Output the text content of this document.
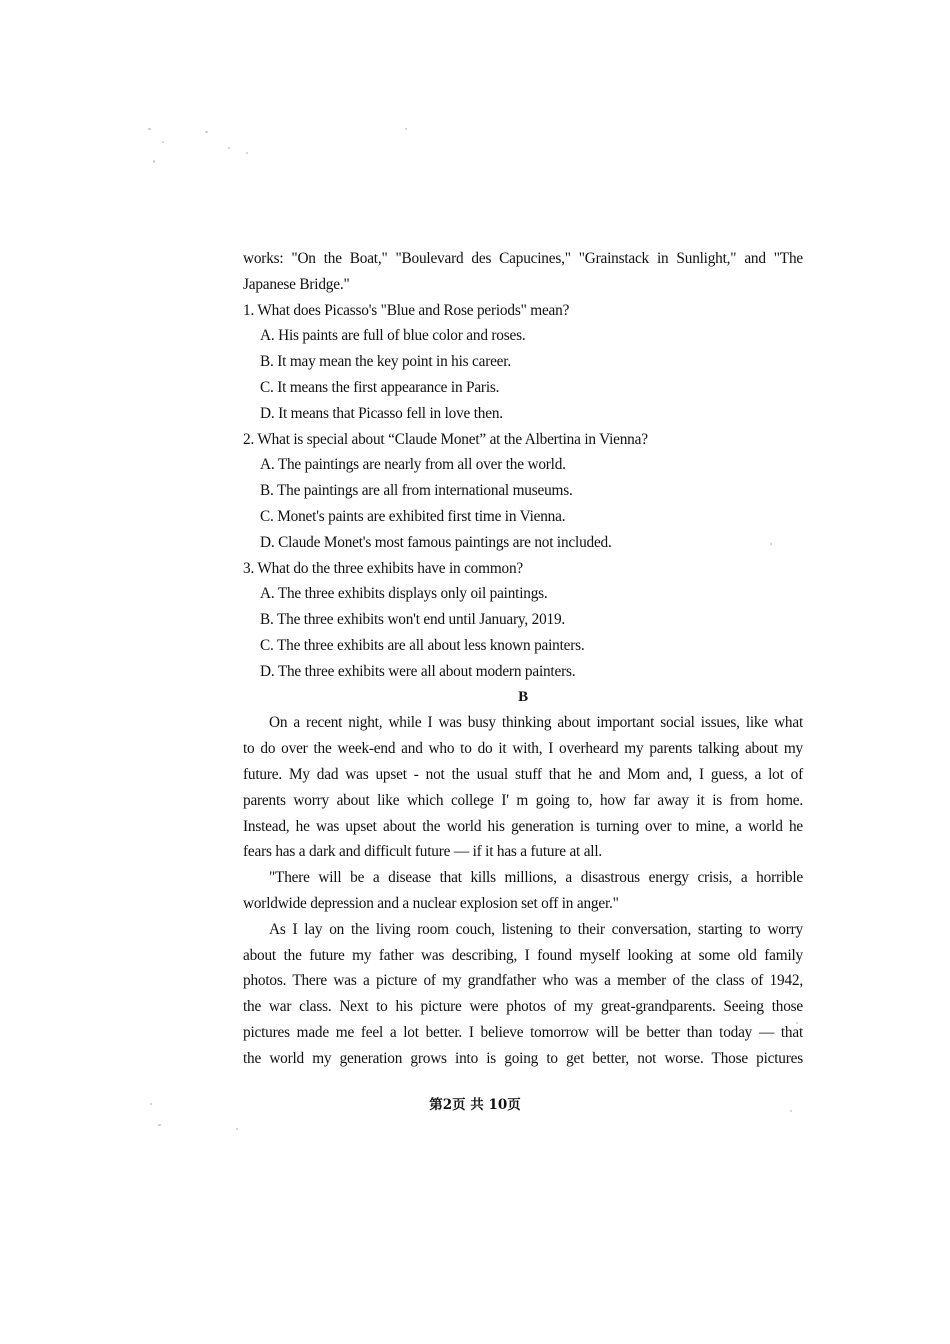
works: "On the Boat," "Boulevard des Capucines," "Grainstack in Sunlight," and "The
Japanese Bridge."
1. What does Picasso's "Blue and Rose periods" mean?
A. His paints are full of blue color and roses.
B. It may mean the key point in his career.
C. It means the first appearance in Paris.
D. It means that Picasso fell in love then.
2. What is special about “Claude Monet” at the Albertina in Vienna?
A. The paintings are nearly from all over the world.
B. The paintings are all from international museums.
C. Monet's paints are exhibited first time in Vienna.
D. Claude Monet's most famous paintings are not included.
3. What do the three exhibits have in common?
A. The three exhibits displays only oil paintings.
B. The three exhibits won't end until January, 2019.
C. The three exhibits are all about less known painters.
D. The three exhibits were all about modern painters.
B
On a recent night, while I was busy thinking about important social issues, like what
to do over the week-end and who to do it with, I overheard my parents talking about my
future. My dad was upset - not the usual stuff that he and Mom and, I guess, a lot of
parents worry about like which college I' m going to, how far away it is from home.
Instead, he was upset about the world his generation is turning over to mine, a world he
fears has a dark and difficult future — if it has a future at all.
"There will be a disease that kills millions, a disastrous energy crisis, a horrible
worldwide depression and a nuclear explosion set off in anger."
As I lay on the living room couch, listening to their conversation, starting to worry
about the future my father was describing, I found myself looking at some old family
photos. There was a picture of my grandfather who was a member of the class of 1942,
the war class. Next to his picture were photos of my great-grandparents. Seeing those
pictures made me feel a lot better. I believe tomorrow will be better than today — that
the world my generation grows into is going to get better, not worse. Those pictures
第2页 共 10页
